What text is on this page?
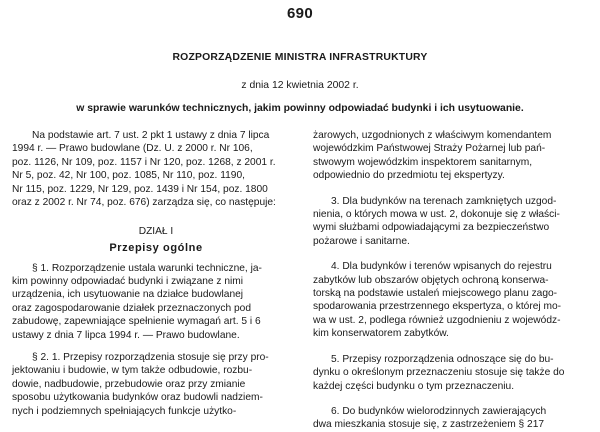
690
ROZPORZĄDZENIE MINISTRA INFRASTRUKTURY
z dnia 12 kwietnia 2002 r.
w sprawie warunków technicznych, jakim powinny odpowiadać budynki i ich usytuowanie.

Na podstawie art. 7 ust. 2 pkt 1 ustawy z dnia 7 lipca

1994 r. — Prawo budowlane (Dz. U. z 2000 r. Nr 106,

poz. 1126, Nr 109, poz. 1157 i Nr 120, poz. 1268, z 2001 r.

Nr 5, poz. 42, Nr 100, poz. 1085, Nr 110, poz. 1190,

Nr 115, poz. 1229, Nr 129, poz. 1439 i Nr 154, poz. 1800

oraz z 2002 r. Nr 74, poz. 676) zarządza się, co następuje:

DZIAŁ I

Przepisy ogólne

§ 1. Rozporządzenie ustala warunki techniczne, ja-

kim powinny odpowiadać budynki i związane z nimi

urządzenia, ich usytuowanie na działce budowlanej

oraz zagospodarowanie działek przeznaczonych pod

zabudowę, zapewniające spełnienie wymagań art. 5 i 6

ustawy z dnia 7 lipca 1994 r. — Prawo budowlane.

§ 2. 1. Przepisy rozporządzenia stosuje się przy pro-

jektowaniu i budowie, w tym także odbudowie, rozbu-

dowie, nadbudowie, przebudowie oraz przy zmianie

sposobu użytkowania budynków oraz budowli nadziem-

nych i podziemnych spełniających funkcje użytko-

żarowych, uzgodnionych z właściwym komendantem

wojewódzkim Państwowej Straży Pożarnej lub pań-

stwowym wojewódzkim inspektorem sanitarnym,

odpowiednio do przedmiotu tej ekspertyzy.

3. Dla budynków na terenach zamkniętych uzgod-

nienia, o których mowa w ust. 2, dokonuje się z właści-

wymi służbami odpowiadającymi za bezpieczeństwo

pożarowe i sanitarne.

4. Dla budynków i terenów wpisanych do rejestru

zabytków lub obszarów objętych ochroną konserwa-

torską na podstawie ustaleń miejscowego planu zago-

spodarowania przestrzennego ekspertyza, o której mo-

wa w ust. 2, podlega również uzgodnieniu z wojewódz-

kim konserwatorem zabytków.

5. Przepisy rozporządzenia odnoszące się do bu-

dynku o określonym przeznaczeniu stosuje się także do

każdej części budynku o tym przeznaczeniu.

6. Do budynków wielorodzinnych zawierających

dwa mieszkania stosuje się, z zastrzeżeniem § 217
